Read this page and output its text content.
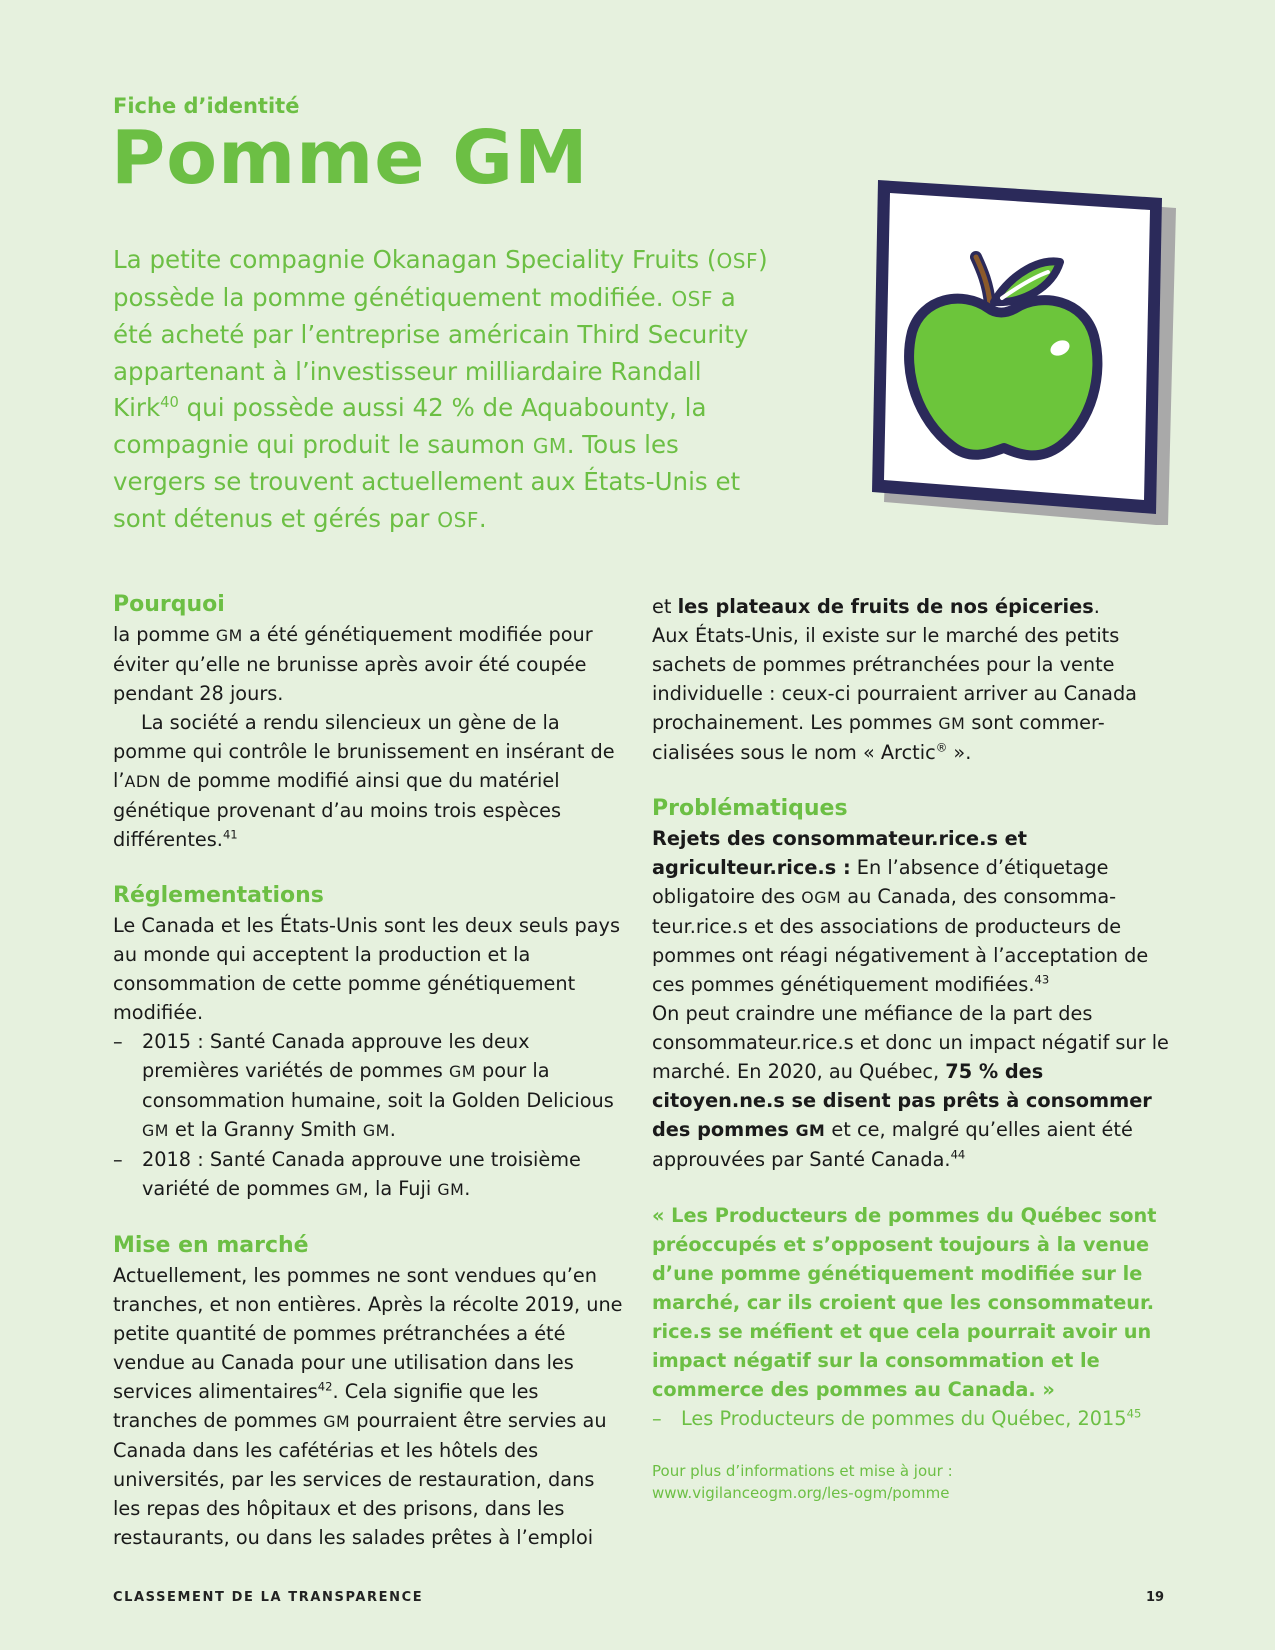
Fiche d’identité
Pomme GM

La petite compagnie Okanagan Speciality Fruits (OSF) possède la pomme génétiquement modifiée. OSF a été acheté par l’entreprise américain Third Security appartenant à l’investisseur milliardaire Randall Kirk$^{40}$ qui possède aussi 42 % de Aquabounty, la compagnie qui produit le saumon GM. Tous les vergers se trouvent actuellement aux États-Unis et sont détenus et gérés par OSF.

Pourquoi

la pomme GM a été génétiquement modifiée pour éviter qu’elle ne brunisse après avoir été coupée pendant 28 jours.

La société a rendu silencieux un gène de la pomme qui contrôle le brunissement en insérant de l’ADN de pomme modifié ainsi que du matériel génétique provenant d’au moins trois espèces différentes.$^{41}$

Réglementations

Le Canada et les États-Unis sont les deux seuls pays au monde qui acceptent la production et la consommation de cette pomme génétiquement modifiée.

– 2015 : Santé Canada approuve les deux premières variétés de pommes GM pour la consommation humaine, soit la Golden Delicious GM et la Granny Smith GM.
– 2018 : Santé Canada approuve une troisième variété de pommes GM, la Fuji GM.
Mise en marché

Actuellement, les pommes ne sont vendues qu’en tranches, et non entières. Après la récolte 2019, une petite quantité de pommes prétranchées a été vendue au Canada pour une utilisation dans les services alimentaires$^{42}$. Cela signifie que les tranches de pommes GM pourraient être servies au Canada dans les cafétérias et les hôtels des universités, par les services de restauration, dans les repas des hôpitaux et des prisons, dans les restaurants, ou dans les salades prêtes à l’emploi

et les plateaux de fruits de nos épiceries.

Aux États-Unis, il existe sur le marché des petits sachets de pommes prétranchées pour la vente individuelle : ceux-ci pourraient arriver au Canada prochainement. Les pommes GM sont commer-cialisées sous le nom « Arctic® ».

Problématiques

Rejets des consommateur.rice.s et agriculteur.rice.s : En l’absence d’étiquetage obligatoire des OGM au Canada, des consomma-teur.rice.s et des associations de producteurs de pommes ont réagi négativement à l’acceptation de ces pommes génétiquement modifiées.$^{43}$

On peut craindre une méfiance de la part des consommateur.rice.s et donc un impact négatif sur le marché. En 2020, au Québec, 75 % des citoyen.ne.s se disent pas prêts à consommer des pommes GM et ce, malgré qu’elles aient été approuvées par Santé Canada.$^{44}$

« Les Producteurs de pommes du Québec sont préoccupés et s’opposent toujours à la venue d’une pomme génétiquement modifiée sur le marché, car ils croient que les consommateur. rice.s se méfient et que cela pourrait avoir un impact négatif sur la consommation et le commerce des pommes au Canada. »

– Les Producteurs de pommes du Québec, 2015$^{45}$
Pour plus d’informations et mise à jour :
www.vigilanceogm.org/les-ogm/pomme
CLASSEMENT DE LA TRANSPARENCE	19
